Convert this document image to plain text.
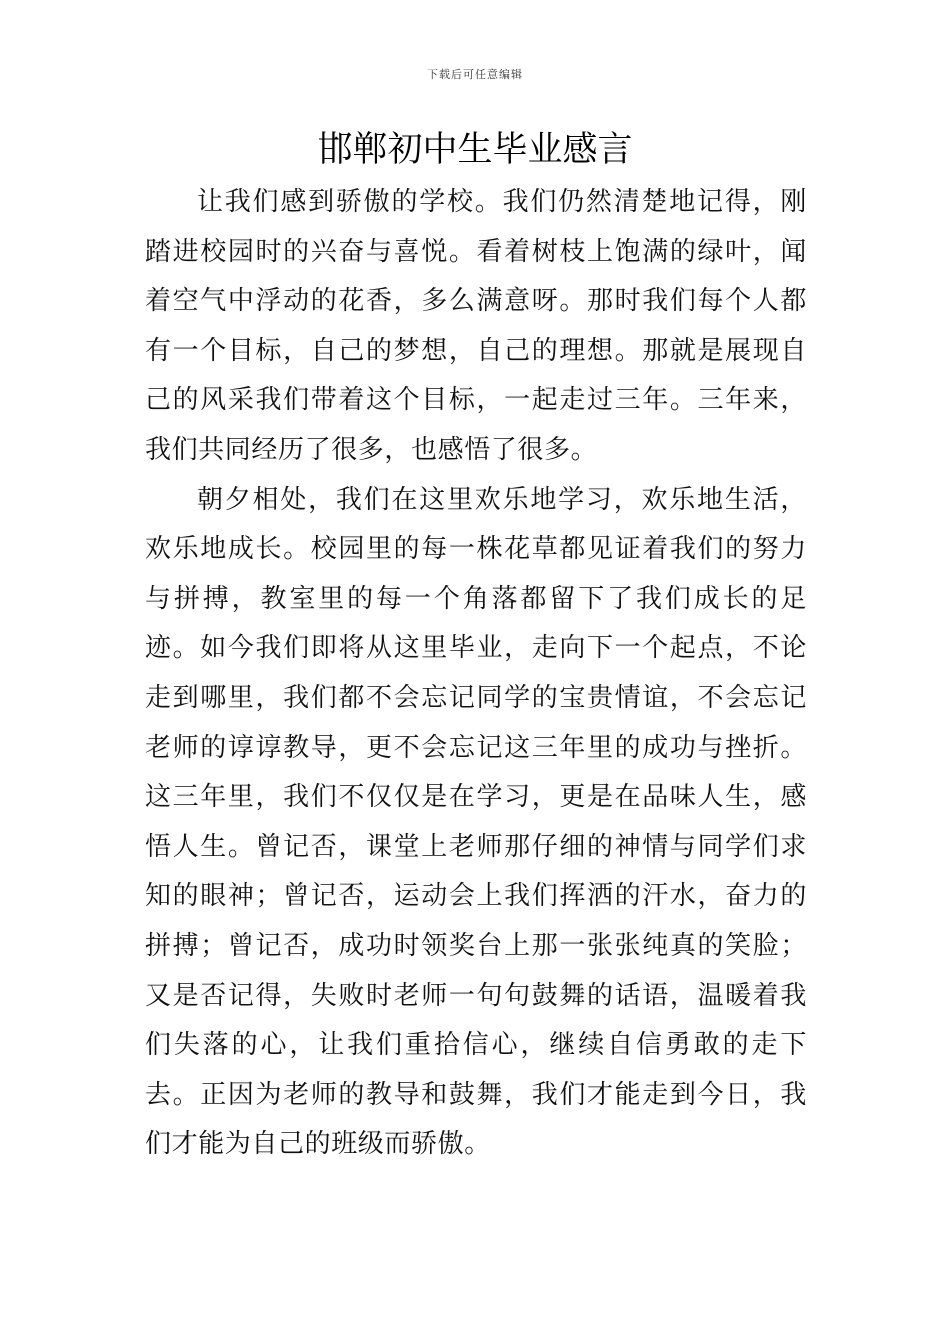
下载后可任意编辑
邯郸初中生毕业感言

让我们感到骄傲的学校。我们仍然清楚地记得，刚踏进校园时的兴奋与喜悦。看着树枝上饱满的绿叶，闻着空气中浮动的花香，多么满意呀。那时我们每个人都有一个目标，自己的梦想，自己的理想。那就是展现自己的风采我们带着这个目标，一起走过三年。三年来，我们共同经历了很多，也感悟了很多。

朝夕相处，我们在这里欢乐地学习，欢乐地生活，欢乐地成长。校园里的每一株花草都见证着我们的努力与拼搏，教室里的每一个角落都留下了我们成长的足迹。如今我们即将从这里毕业，走向下一个起点，不论走到哪里，我们都不会忘记同学的宝贵情谊，不会忘记老师的谆谆教导，更不会忘记这三年里的成功与挫折。这三年里，我们不仅仅是在学习，更是在品味人生，感悟人生。曾记否，课堂上老师那仔细的神情与同学们求知的眼神；曾记否，运动会上我们挥洒的汗水，奋力的拼搏；曾记否，成功时领奖台上那一张张纯真的笑脸；又是否记得，失败时老师一句句鼓舞的话语，温暖着我们失落的心，让我们重拾信心，继续自信勇敢的走下去。正因为老师的教导和鼓舞，我们才能走到今日，我们才能为自己的班级而骄傲。
